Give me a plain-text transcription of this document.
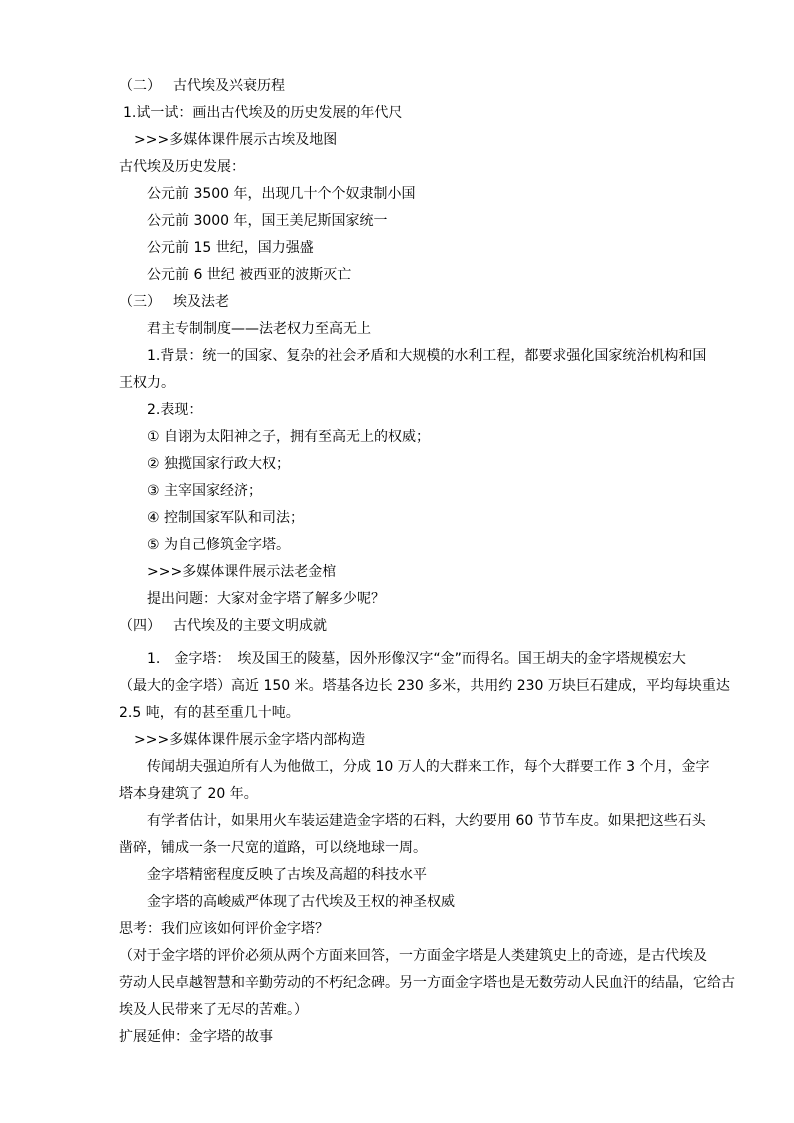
（二） 古代埃及兴衰历程
1.试一试：画出古代埃及的历史发展的年代尺
>>>多媒体课件展示古埃及地图
古代埃及历史发展：
公元前 3500 年，出现几十个个奴隶制小国
公元前 3000 年，国王美尼斯国家统一
公元前 15 世纪，国力强盛
公元前 6 世纪 被西亚的波斯灭亡
（三） 埃及法老
君主专制制度——法老权力至高无上
1.背景：统一的国家、复杂的社会矛盾和大规模的水利工程，都要求强化国家统治机构和国
王权力。
2.表现：
① 自诩为太阳神之子，拥有至高无上的权威；
② 独揽国家行政大权；
③ 主宰国家经济；
④ 控制国家军队和司法；
⑤ 为自己修筑金字塔。
>>>多媒体课件展示法老金棺
提出问题：大家对金字塔了解多少呢？
（四） 古代埃及的主要文明成就
1.　金字塔：　埃及国王的陵墓，因外形像汉字“金”而得名。国王胡夫的金字塔规模宏大
（最大的金字塔）高近 150 米。塔基各边长 230 多米，共用约 230 万块巨石建成，平均每块重达
2.5 吨，有的甚至重几十吨。
>>>多媒体课件展示金字塔内部构造
传闻胡夫强迫所有人为他做工，分成 10 万人的大群来工作，每个大群要工作 3 个月，金字
塔本身建筑了 20 年。
有学者估计，如果用火车装运建造金字塔的石料，大约要用 60 节节车皮。如果把这些石头
凿碎，铺成一条一尺宽的道路，可以绕地球一周。
金字塔精密程度反映了古埃及高超的科技水平
金字塔的高峻威严体现了古代埃及王权的神圣权威
思考：我们应该如何评价金字塔？
（对于金字塔的评价必须从两个方面来回答，一方面金字塔是人类建筑史上的奇迹，是古代埃及
劳动人民卓越智慧和辛勤劳动的不朽纪念碑。另一方面金字塔也是无数劳动人民血汗的结晶，它给古
埃及人民带来了无尽的苦难。）
扩展延伸：金字塔的故事
